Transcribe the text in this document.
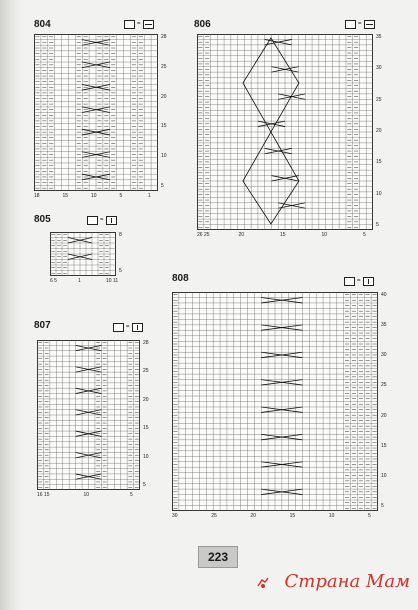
804	=
28
25
20
15
10
5
18	15	10	5	1
806	=
35
30
25
20
15
10
5
26 25	20	15	10	5
805	=
8
5
6 5	1	10 11
807	=
28
25
20
15
10
5
16 15	10	5
808	=
40
35
30
25
20
15
10
5
30	25	20	15	10	5
223
Страна Мам
